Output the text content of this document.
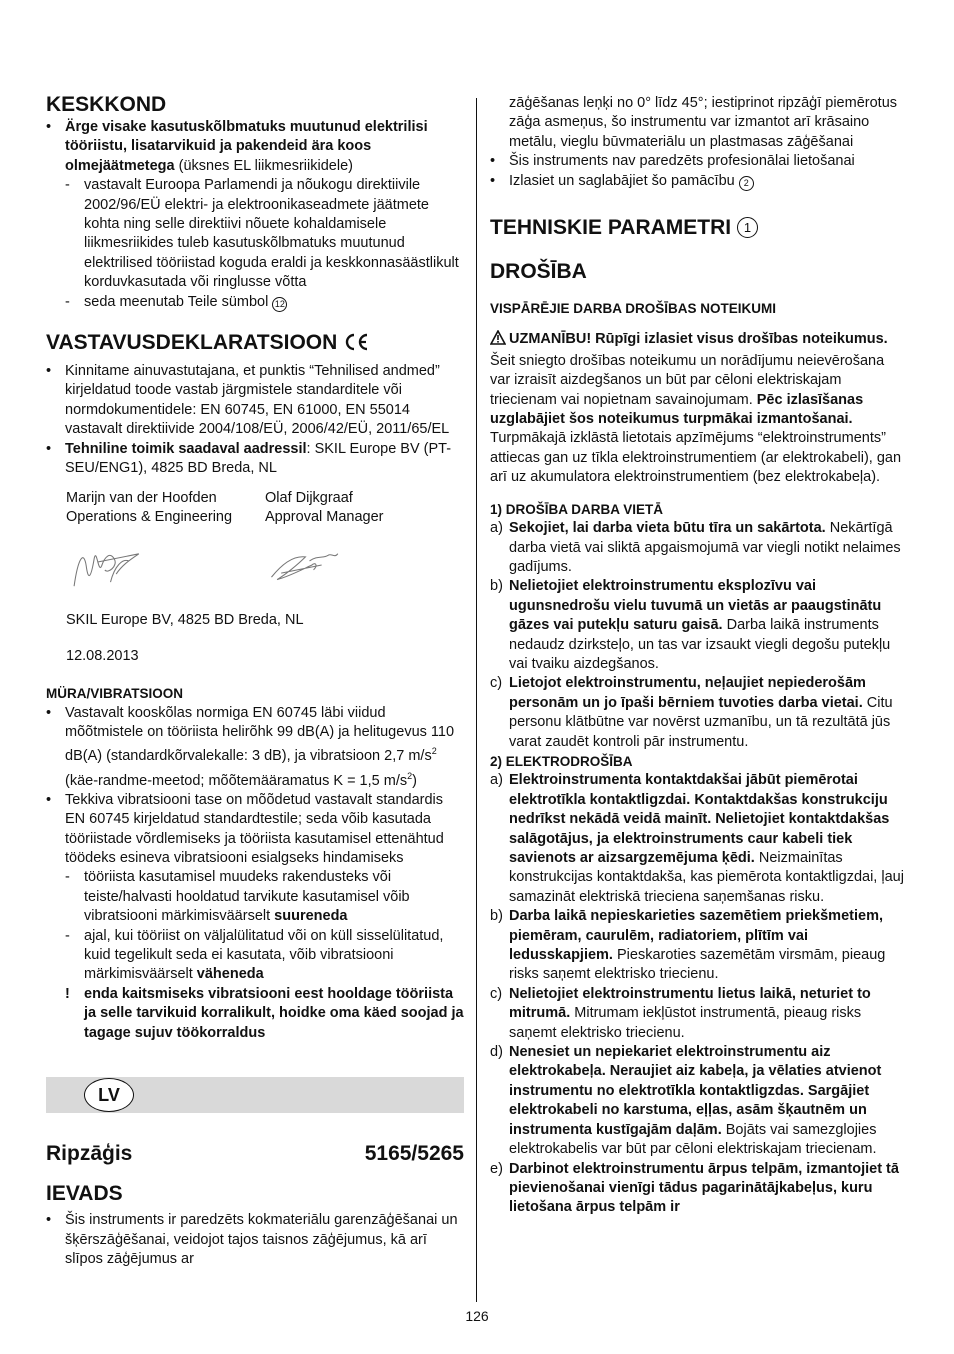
KESKKOND
• Ärge visake kasutuskõlbmatuks muutunud elektrilisi tööriistu, lisatarvikuid ja pakendeid ära koos olmejäätmetega (üksnes EL liikmesriikidele)
- vastavalt Euroopa Parlamendi ja nõukogu direktiivile 2002/96/EÜ elektri- ja elektroonikaseadmete jäätmete kohta ning selle direktiivi nõuete kohaldamisele liikmesriikides tuleb kasutuskõlbmatuks muutunud elektrilised tööriistad koguda eraldi ja keskkonnasäästlikult korduvkasutada või ringlusse võtta
- seda meenutab Teile sümbol 12
VASTAVUSDEKLARATSIOON
• Kinnitame ainuvastutajana, et punktis “Tehnilised andmed” kirjeldatud toode vastab järgmistele standarditele või normdokumentidele: EN 60745, EN 61000, EN 55014 vastavalt direktiivide 2004/108/EÜ, 2006/42/EÜ, 2011/65/EL
• Tehniline toimik saadaval aadressil: SKIL Europe BV (PT-SEU/ENG1), 4825 BD Breda, NL
Marijn van der Hoofden
Operations & Engineering
Olaf Dijkgraaf
Approval Manager
SKIL Europe BV, 4825 BD Breda, NL
12.08.2013
MÜRA/VIBRATSIOON
• Vastavalt kooskõlas normiga EN 60745 läbi viidud mõõtmistele on tööriista helirõhk 99 dB(A) ja helitugevus 110 dB(A) (standardkõrvalekalle: 3 dB), ja vibratsioon 2,7 $m/s^2$ (käe-randme-meetod; mõõtemääramatus K = 1,5 $m/s^2$)
• Tekkiva vibratsiooni tase on mõõdetud vastavalt standardis EN 60745 kirjeldatud standardtestile; seda võib kasutada tööriistade võrdlemiseks ja tööriista kasutamisel ettenähtud töödeks esineva vibratsiooni esialgseks hindamiseks
- tööriista kasutamisel muudeks rakendusteks või teiste/halvasti hooldatud tarvikute kasutamisel võib vibratsiooni märkimisväärselt suureneda
- ajal, kui tööriist on väljalülitatud või on küll sisselülitatud, kuid tegelikult seda ei kasutata, võib vibratsiooni märkimisväärselt väheneda
! enda kaitsmiseks vibratsiooni eest hooldage tööriista ja selle tarvikuid korralikult, hoidke oma käed soojad ja tagage sujuv töökorraldus
LV
Ripzāģis	5165/5265
IEVADS
• Šis instruments ir paredzēts kokmateriālu garenzāģēšanai un šķērszāģēšanai, veidojot tajos taisnos zāģējumus, kā arī slīpos zāģējumus ar
zāģēšanas leņķi no 0° līdz 45°; iestiprinot ripzāģī piemērotus zāģa asmeņus, šo instrumentu var izmantot arī krāsaino metālu, vieglu būvmateriālu un plastmasas zāģēšanai
• Šis instruments nav paredzēts profesionālai lietošanai
• Izlasiet un saglabājiet šo pamācību 2
TEHNISKIE PARAMETRI 1
DROŠĪBA
VISPĀRĒJIE DARBA DROŠĪBAS NOTEIKUMI
UZMANĪBU! Rūpīgi izlasiet visus drošības noteikumus. Šeit sniegto drošības noteikumu un norādījumu neievērošana var izraisīt aizdegšanos un būt par cēloni elektriskajam triecienam vai nopietnam savainojumam. Pēc izlasīšanas uzglabājiet šos noteikumus turpmākai izmantošanai. Turpmākajā izklāstā lietotais apzīmējums “elektroinstruments” attiecas gan uz tīkla elektroinstrumentiem (ar elektrokabeli), gan arī uz akumulatora elektroinstrumentiem (bez elektrokabeļa).
1) DROŠĪBA DARBA VIETĀ
a) Sekojiet, lai darba vieta būtu tīra un sakārtota. Nekārtīgā darba vietā vai sliktā apgaismojumā var viegli notikt nelaimes gadījums.
b) Nelietojiet elektroinstrumentu eksplozīvu vai ugunsnedrošu vielu tuvumā un vietās ar paaugstinātu gāzes vai putekļu saturu gaisā. Darba laikā instruments nedaudz dzirksteļo, un tas var izsaukt viegli degošu putekļu vai tvaiku aizdegšanos.
c) Lietojot elektroinstrumentu, neļaujiet nepiederošām personām un jo īpaši bērniem tuvoties darba vietai. Citu personu klātbūtne var novērst uzmanību, un tā rezultātā jūs varat zaudēt kontroli pār instrumentu.
2) ELEKTRODROŠĪBA
a) Elektroinstrumenta kontaktdakšai jābūt piemērotai elektrotīkla kontaktligzdai. Kontaktdakšas konstrukciju nedrīkst nekādā veidā mainīt. Nelietojiet kontaktdakšas salāgotājus, ja elektroinstruments caur kabeli tiek savienots ar aizsargzemējuma ķēdi. Neizmainītas konstrukcijas kontaktdakša, kas piemērota kontaktligzdai, ļauj samazināt elektriskā trieciena saņemšanas risku.
b) Darba laikā nepieskarieties sazemētiem priekšmetiem, piemēram, caurulēm, radiatoriem, plītīm vai ledusskapjiem. Pieskaroties sazemētām virsmām, pieaug risks saņemt elektrisko triecienu.
c) Nelietojiet elektroinstrumentu lietus laikā, neturiet to mitrumā. Mitrumam iekļūstot instrumentā, pieaug risks saņemt elektrisko triecienu.
d) Nenesiet un nepiekariet elektroinstrumentu aiz elektrokabeļa. Neraujiet aiz kabeļa, ja vēlaties atvienot instrumentu no elektrotīkla kontaktligzdas. Sargājiet elektrokabeli no karstuma, eļļas, asām šķautnēm un instrumenta kustīgajām daļām. Bojāts vai samezglojies elektrokabelis var būt par cēloni elektriskajam triecienam.
e) Darbinot elektroinstrumentu ārpus telpām, izmantojiet tā pievienošanai vienīgi tādus pagarinātājkabeļus, kuru lietošana ārpus telpām ir
126
